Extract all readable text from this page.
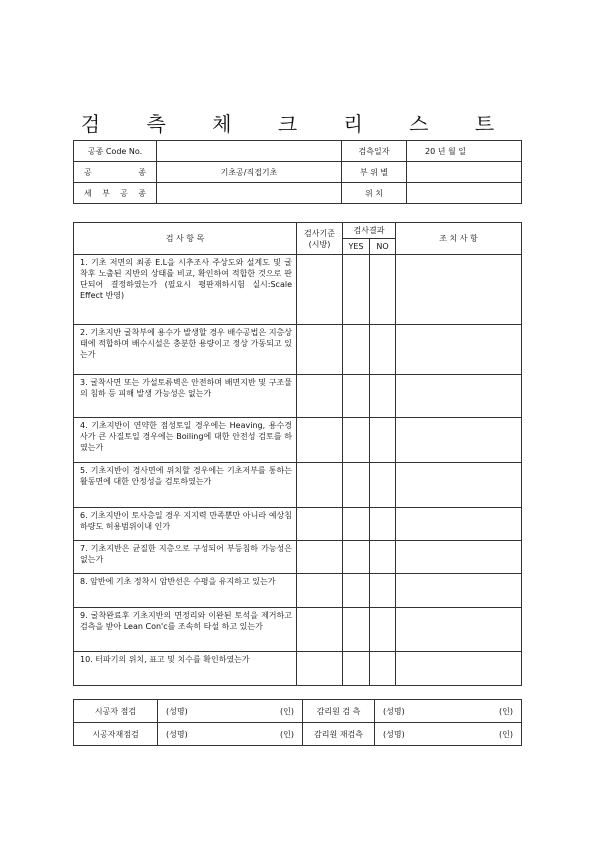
검 측 체 크 리 스 트
공종 Code No.		검측일자	20 년 월 일
공 종	기초공/직접기초	부 위 별	
세 부 공 종		위 치	
검 사 항 목	검사기준
(시방)	검사결과		조 치 사 항
		YES	NO	
1. 기초 저면의 최종 E.L을 시추조사 주상도와 설계도 및 굴착후 노출된 지반의 상태를 비교, 확인하여 적합한 것으로 판단되어 결정하였는가 (필요시 평판재하시험 실시:Scale Effect 반영)				
2. 기초지반 굴착부에 용수가 발생할 경우 배수공법은 지층상태에 적합하며 배수시설은 충분한 용량이고 정상 가동되고 있는가				
3. 굴착사면 또는 가설토류벽은 안전하며 배면지반 및 구조물의 침하 등 피해 발생 가능성은 없는가				
4. 기초지반이 연약한 점성토일 경우에는 Heaving, 용수경사가 큰 사질토일 경우에는 Boiling에 대한 안전성 검토를 하였는가				
5. 기초지반이 경사면에 위치할 경우에는 기초저부를 통하는 활동면에 대한 안정성을 검토하였는가				
6. 기초지반이 토사층일 경우 지지력 만족뿐만 아니라 예상침하량도 허용범위이내 인가				
7. 기초지반은 균질한 지층으로 구성되어 부등침하 가능성은 없는가				
8. 암반에 기초 정착시 암반선은 수평을 유지하고 있는가				
9. 굴착완료후 기초지반의 면정리와 이완된 토석을 제거하고 검측을 받아 Lean Con'c를 조속히 타설 하고 있는가				
10. 터파기의 위치, 표고 및 치수를 확인하였는가				
시공자 점검	(성명) (인)	감리원 검 측	(성명) (인)

시공자재점검	(성명) (인)	감리원 재검측	(성명) (인)
